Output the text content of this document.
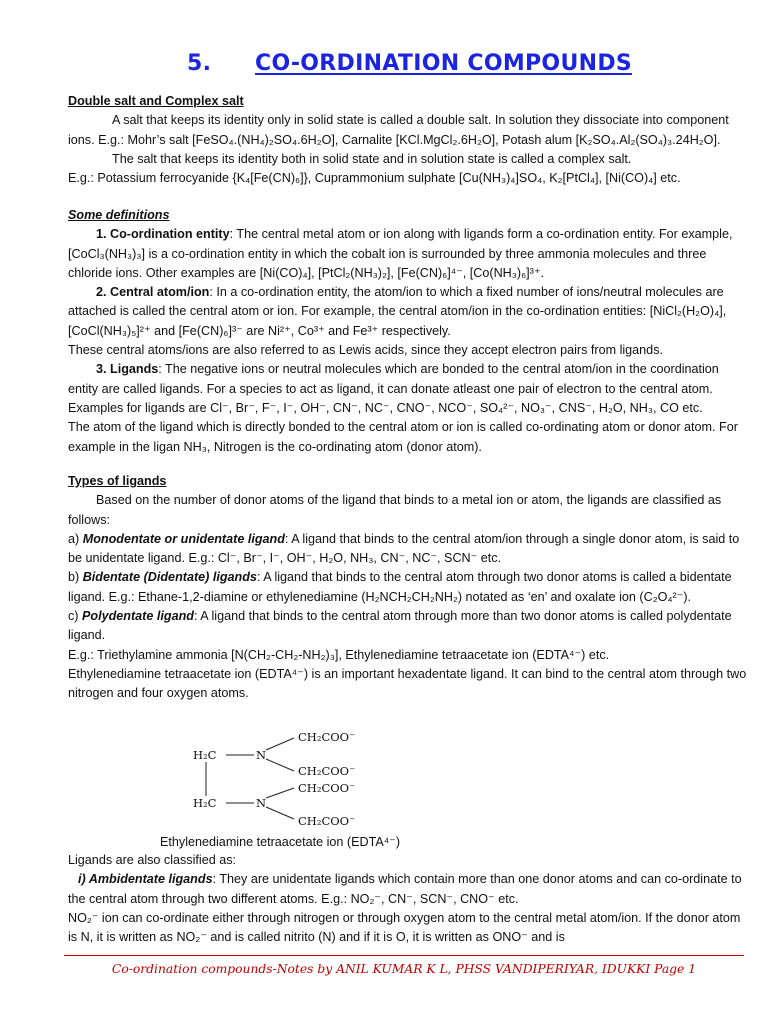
5. CO-ORDINATION COMPOUNDS

Double salt and Complex salt

A salt that keeps its identity only in solid state is called a double salt. In solution they dissociate into component ions. E.g.: Mohr’s salt [FeSO₄.(NH₄)₂SO₄.6H₂O], Carnalite [KCl.MgCl₂.6H₂O], Potash alum [K₂SO₄.Al₂(SO₄)₃.24H₂O].

The salt that keeps its identity both in solid state and in solution state is called a complex salt.

E.g.: Potassium ferrocyanide {K₄[Fe(CN)₆]}, Cuprammonium sulphate [Cu(NH₃)₄]SO₄, K₂[PtCl₄], [Ni(CO)₄] etc.

Some definitions

1. Co-ordination entity: The central metal atom or ion along with ligands form a co-ordination entity. For example, [CoCl₃(NH₃)₃] is a co-ordination entity in which the cobalt ion is surrounded by three ammonia molecules and three chloride ions. Other examples are [Ni(CO)₄], [PtCl₂(NH₃)₂], [Fe(CN)₆]⁴⁻, [Co(NH₃)₆]³⁺.

2. Central atom/ion: In a co-ordination entity, the atom/ion to which a fixed number of ions/neutral molecules are attached is called the central atom or ion. For example, the central atom/ion in the co-ordination entities: [NiCl₂(H₂O)₄], [CoCl(NH₃)₅]²⁺ and [Fe(CN)₆]³⁻ are Ni²⁺, Co³⁺ and Fe³⁺ respectively.

These central atoms/ions are also referred to as Lewis acids, since they accept electron pairs from ligands.

3. Ligands: The negative ions or neutral molecules which are bonded to the central atom/ion in the coordination entity are called ligands. For a species to act as ligand, it can donate atleast one pair of electron to the central atom.

Examples for ligands are Cl⁻, Br⁻, F⁻, I⁻, OH⁻, CN⁻, NC⁻, CNO⁻, NCO⁻, SO₄²⁻, NO₃⁻, CNS⁻, H₂O, NH₃, CO etc.

The atom of the ligand which is directly bonded to the central atom or ion is called co-ordinating atom or donor atom. For example in the ligan NH₃, Nitrogen is the co-ordinating atom (donor atom).

Types of ligands

Based on the number of donor atoms of the ligand that binds to a metal ion or atom, the ligands are classified as follows:

a) Monodentate or unidentate ligand: A ligand that binds to the central atom/ion through a single donor atom, is said to be unidentate ligand. E.g.: Cl⁻, Br⁻, I⁻, OH⁻, H₂O, NH₃, CN⁻, NC⁻, SCN⁻ etc.

b) Bidentate (Didentate) ligands: A ligand that binds to the central atom through two donor atoms is called a bidentate ligand. E.g.: Ethane-1,2-diamine or ethylenediamine (H₂NCH₂CH₂NH₂) notated as ‘en’ and oxalate ion (C₂O₄²⁻).

c) Polydentate ligand: A ligand that binds to the central atom through more than two donor atoms is called polydentate ligand.

E.g.: Triethylamine ammonia [N(CH₂-CH₂-NH₂)₃], Ethylenediamine tetraacetate ion (EDTA⁴⁻) etc.

Ethylenediamine tetraacetate ion (EDTA⁴⁻) is an important hexadentate ligand. It can bind to the central atom through two nitrogen and four oxygen atoms.

H₂C	N
CH₂COO⁻
CH₂COO⁻
H₂C	N
CH₂COO⁻
CH₂COO⁻
Ethylenediamine tetraacetate ion (EDTA⁴⁻)

Ligands are also classified as:

i) Ambidentate ligands: They are unidentate ligands which contain more than one donor atoms and can co-ordinate to the central atom through two different atoms. E.g.: NO₂⁻, CN⁻, SCN⁻, CNO⁻ etc.

NO₂⁻ ion can co-ordinate either through nitrogen or through oxygen atom to the central metal atom/ion. If the donor atom is N, it is written as NO₂⁻ and is called nitrito (N) and if it is O, it is written as ONO⁻ and is

Co-ordination compounds-Notes by ANIL KUMAR K L, PHSS VANDIPERIYAR, IDUKKI Page 1
